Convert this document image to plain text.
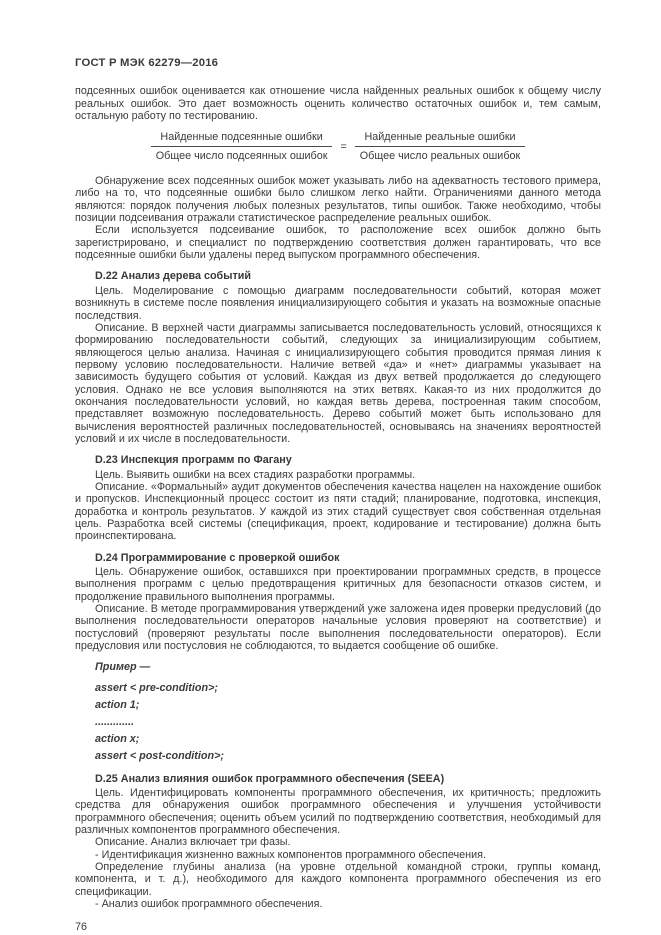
ГОСТ Р МЭК 62279—2016

подсеянных ошибок оценивается как отношение числа найденных реальных ошибок к общему числу реальных ошибок. Это дает возможность оценить количество остаточных ошибок и, тем самым, остальную работу по тестированию.

$\frac{\text{Найденные подсеянные ошибки}}{\text{Общее число подсеянных ошибок}} = \frac{\text{Найденные реальные ошибки}}{\text{Общее число реальных ошибок}}$

Обнаружение всех подсеянных ошибок может указывать либо на адекватность тестового примера, либо на то, что подсеянные ошибки было слишком легко найти. Ограничениями данного метода являются: порядок получения любых полезных результатов, типы ошибок. Также необходимо, чтобы позиции подсеивания отражали статистическое распределение реальных ошибок.

Если используется подсеивание ошибок, то расположение всех ошибок должно быть зарегистрировано, и специалист по подтверждению соответствия должен гарантировать, что все подсеянные ошибки были удалены перед выпуском программного обеспечения.

D.22 Анализ дерева событий

Цель. Моделирование с помощью диаграмм последовательности событий, которая может возникнуть в системе после появления инициализирующего события и указать на возможные опасные последствия.

Описание. В верхней части диаграммы записывается последовательность условий, относящихся к формированию последовательности событий, следующих за инициализирующим событием, являющегося целью анализа. Начиная с инициализирующего события проводится прямая линия к первому условию последовательности. Наличие ветвей «да» и «нет» диаграммы указывает на зависимость будущего события от условий. Каждая из двух ветвей продолжается до следующего условия. Однако не все условия выполняются на этих ветвях. Какая-то из них продолжится до окончания последовательности условий, но каждая ветвь дерева, построенная таким способом, представляет возможную последовательность. Дерево событий может быть использовано для вычисления вероятностей различных последовательностей, основываясь на значениях вероятностей условий и их числе в последовательности.

D.23 Инспекция программ по Фагану

Цель. Выявить ошибки на всех стадиях разработки программы.

Описание. «Формальный» аудит документов обеспечения качества нацелен на нахождение ошибок и пропусков. Инспекционный процесс состоит из пяти стадий; планирование, подготовка, инспекция, доработка и контроль результатов. У каждой из этих стадий существует своя собственная отдельная цель. Разработка всей системы (спецификация, проект, кодирование и тестирование) должна быть проинспектирована.

D.24 Программирование с проверкой ошибок

Цель. Обнаружение ошибок, оставшихся при проектировании программных средств, в процессе выполнения программ с целью предотвращения критичных для безопасности отказов систем, и продолжение правильного выполнения программы.

Описание. В методе программирования утверждений уже заложена идея проверки предусловий (до выполнения последовательности операторов начальные условия проверяют на соответствие) и постусловий (проверяют результаты после выполнения последовательности операторов). Если предусловия или постусловия не соблюдаются, то выдается сообщение об ошибке.

Пример —
assert < pre-condition>;
action 1;
.............
action x;
assert < post-condition>;
D.25 Анализ влияния ошибок программного обеспечения (SEEA)

Цель. Идентифицировать компоненты программного обеспечения, их критичность; предложить средства для обнаружения ошибок программного обеспечения и улучшения устойчивости программного обеспечения; оценить объем усилий по подтверждению соответствия, необходимый для различных компонентов программного обеспечения.

Описание. Анализ включает три фазы.

- Идентификация жизненно важных компонентов программного обеспечения.

Определение глубины анализа (на уровне отдельной командной строки, группы команд, компонента, и т. д.), необходимого для каждого компонента программного обеспечения из его спецификации.

- Анализ ошибок программного обеспечения.

76
